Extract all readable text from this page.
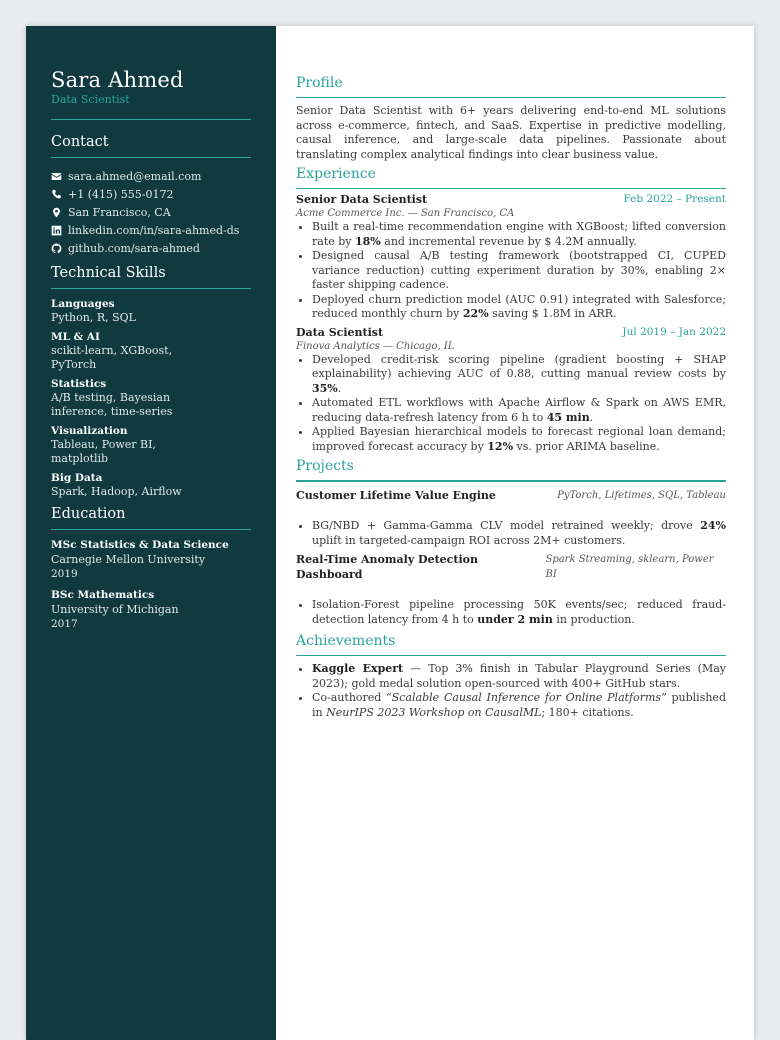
Sara Ahmed
Data Scientist
Contact
sara.ahmed@email.com
+1 (415) 555-0172
San Francisco, CA
linkedin.com/in/sara-ahmed-ds
github.com/sara-ahmed
Technical Skills
Languages
Python, R, SQL
ML & AI
scikit-learn, XGBoost, PyTorch
Statistics
A/B testing, Bayesian inference, time-series
Visualization
Tableau, Power BI, matplotlib
Big Data
Spark, Hadoop, Airflow
Education
MSc Statistics & Data Science
Carnegie Mellon University
2019
BSc Mathematics
University of Michigan
2017
Profile
Senior Data Scientist with 6+ years delivering end-to-end ML solutions across e-commerce, fintech, and SaaS. Expertise in predictive modelling, causal inference, and large-scale data pipelines. Passionate about translating complex analytical findings into clear business value.
Experience
Senior Data Scientist	Feb 2022 – Present
Acme Commerce Inc. — San Francisco, CA
• Built a real-time recommendation engine with XGBoost; lifted conversion rate by 18% and incremental revenue by $ 4.2M annually.
• Designed causal A/B testing framework (bootstrapped CI, CUPED variance reduction) cutting experiment duration by 30%, enabling 2× faster shipping cadence.
• Deployed churn prediction model (AUC 0.91) integrated with Salesforce; reduced monthly churn by 22% saving $ 1.8M in ARR.
Data Scientist	Jul 2019 – Jan 2022
Finova Analytics — Chicago, IL
• Developed credit-risk scoring pipeline (gradient boosting + SHAP explainability) achieving AUC of 0.88, cutting manual review costs by 35%.
• Automated ETL workflows with Apache Airflow & Spark on AWS EMR, reducing data-refresh latency from 6 h to 45 min.
• Applied Bayesian hierarchical models to forecast regional loan demand; improved forecast accuracy by 12% vs. prior ARIMA baseline.
Projects
Customer Lifetime Value Engine	PyTorch, Lifetimes, SQL, Tableau
• BG/NBD + Gamma-Gamma CLV model retrained weekly; drove 24% uplift in targeted-campaign ROI across 2M+ customers.
Real-Time Anomaly Detection Dashboard
Spark Streaming, sklearn, Power BI
• Isolation-Forest pipeline processing 50K events/sec; reduced fraud-detection latency from 4 h to under 2 min in production.
Achievements
• Kaggle Expert — Top 3% finish in Tabular Playground Series (May 2023); gold medal solution open-sourced with 400+ GitHub stars.
• Co-authored “Scalable Causal Inference for Online Platforms” published in NeurIPS 2023 Workshop on CausalML; 180+ citations.
